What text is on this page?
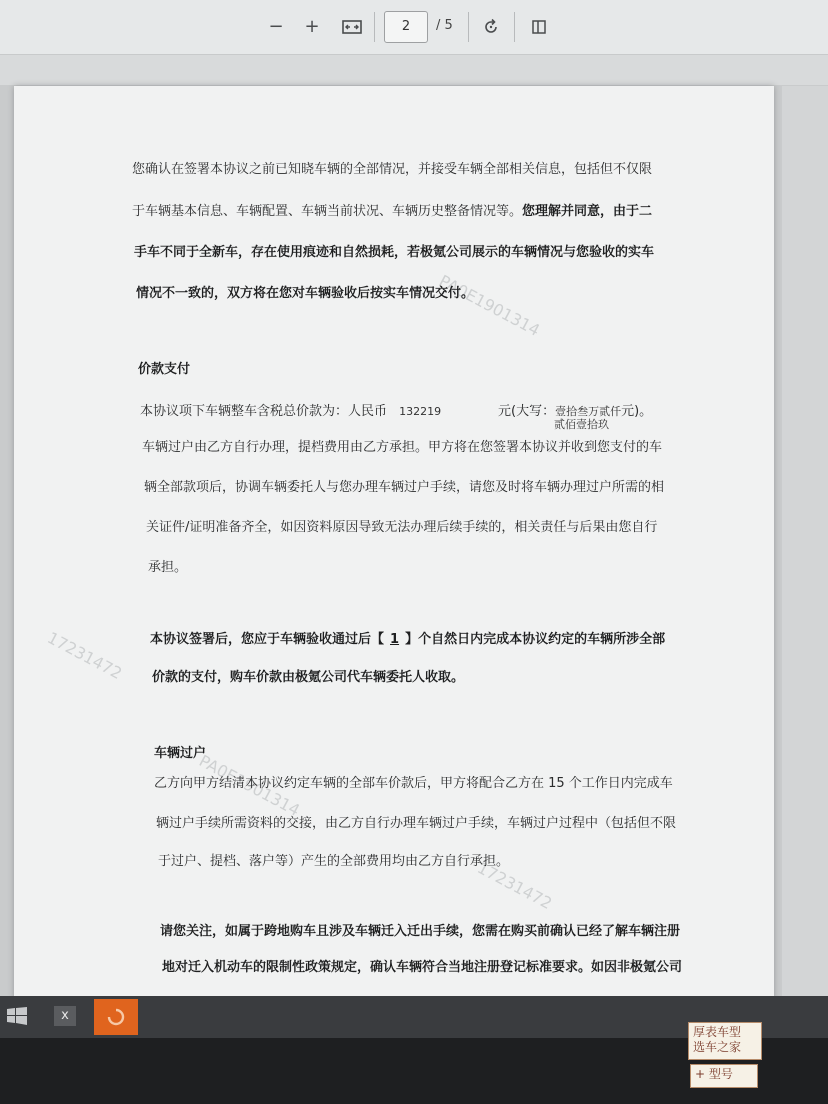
− +	2	/ 5
PA0E1901314
17231472
PA0E1901314
17231472
您确认在签署本协议之前已知晓车辆的全部情况，并接受车辆全部相关信息，包括但不仅限
于车辆基本信息、车辆配置、车辆当前状况、车辆历史整备情况等。您理解并同意，由于二
手车不同于全新车，存在使用痕迹和自然损耗，若极氪公司展示的车辆情况与您验收的实车
情况不一致的，双方将在您对车辆验收后按实车情况交付。
价款支付
本协议项下车辆整车含税总价款为：人民币 132219	元(大写：壹拾叁万贰仟元)。
贰佰壹拾玖
车辆过户由乙方自行办理，提档费用由乙方承担。甲方将在您签署本协议并收到您支付的车
辆全部款项后，协调车辆委托人与您办理车辆过户手续，请您及时将车辆办理过户所需的相
关证件/证明准备齐全，如因资料原因导致无法办理后续手续的，相关责任与后果由您自行
承担。
本协议签署后，您应于车辆验收通过后【 1 】个自然日内完成本协议约定的车辆所涉全部
价款的支付，购车价款由极氪公司代车辆委托人收取。
车辆过户
乙方向甲方结清本协议约定车辆的全部车价款后，甲方将配合乙方在 15 个工作日内完成车
辆过户手续所需资料的交接，由乙方自行办理车辆过户手续，车辆过户过程中（包括但不限
于过户、提档、落户等）产生的全部费用均由乙方自行承担。
请您关注，如属于跨地购车且涉及车辆迁入迁出手续，您需在购买前确认已经了解车辆注册
地对迁入机动车的限制性政策规定，确认车辆符合当地注册登记标准要求。如因非极氪公司
x
厚表车型
选车之家
+ 型号
